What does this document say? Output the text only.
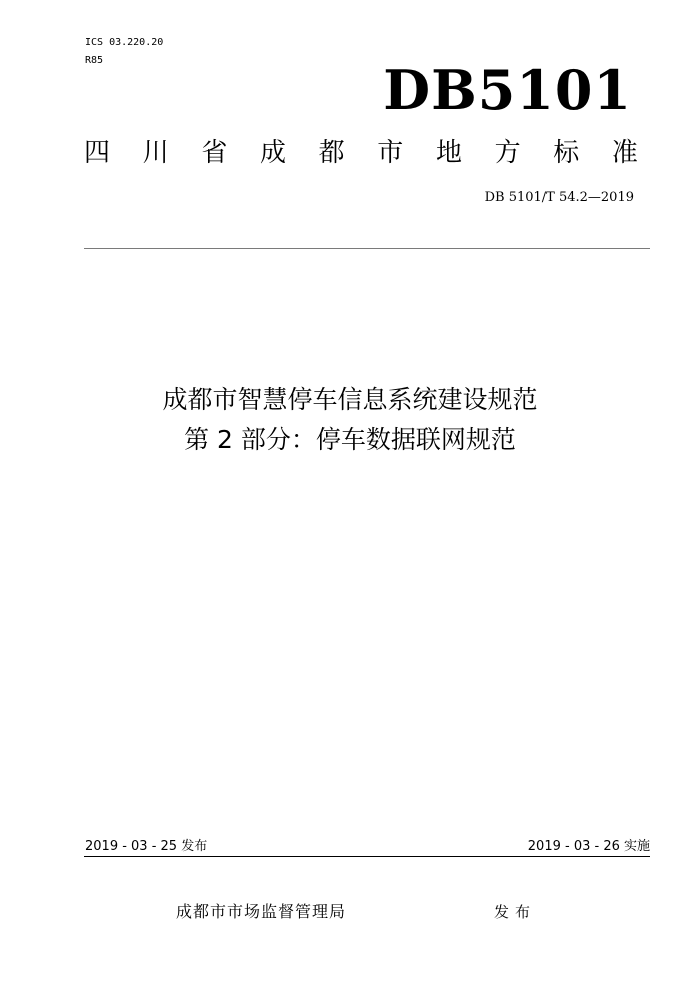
ICS 03.220.20
R85	DB5101
四 川 省 成 都 市 地 方 标 准
DB 5101/T 54.2—2019
成都市智慧停车信息系统建设规范
第 2 部分：停车数据联网规范
2019 - 03 - 25 发布	2019 - 03 - 26 实施
成都市市场监督管理局	发布
